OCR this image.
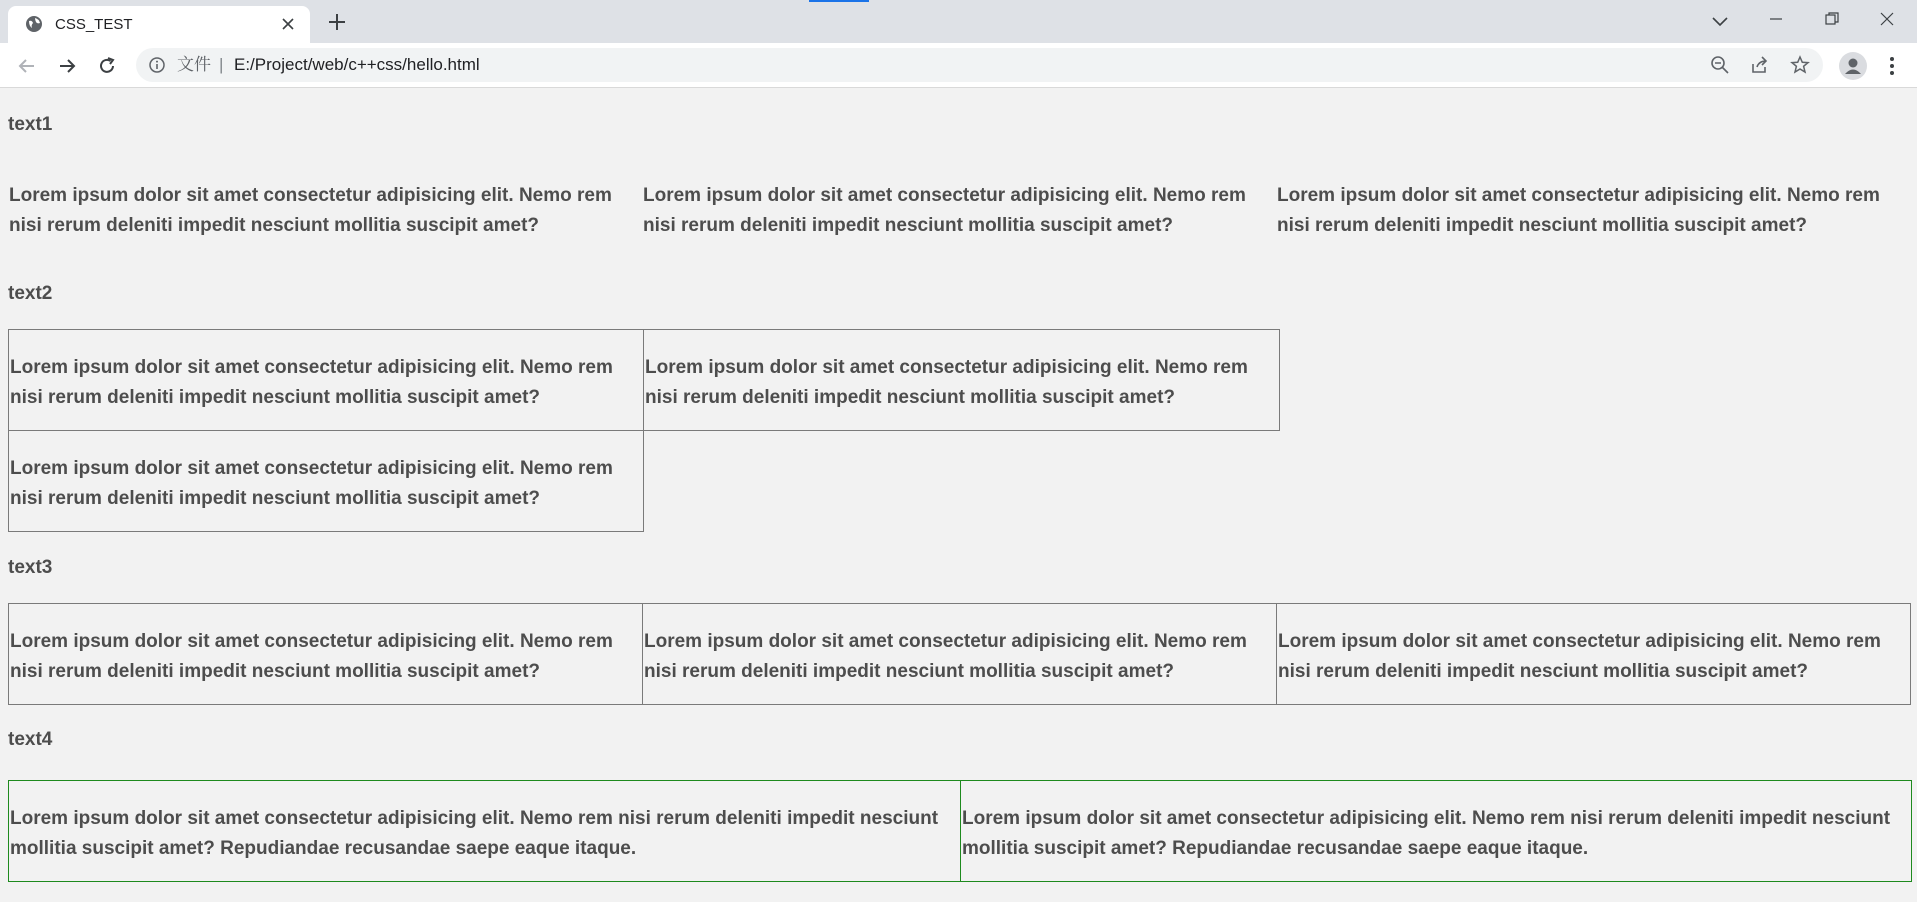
CSS_TEST
文件 | E:/Project/web/c++css/hello.html
text1

Lorem ipsum dolor sit amet consectetur adipisicing elit. Nemo rem nisi rerum deleniti impedit nesciunt mollitia suscipit amet?

Lorem ipsum dolor sit amet consectetur adipisicing elit. Nemo rem nisi rerum deleniti impedit nesciunt mollitia suscipit amet?

Lorem ipsum dolor sit amet consectetur adipisicing elit. Nemo rem nisi rerum deleniti impedit nesciunt mollitia suscipit amet?

text2

Lorem ipsum dolor sit amet consectetur adipisicing elit. Nemo rem nisi rerum deleniti impedit nesciunt mollitia suscipit amet?

Lorem ipsum dolor sit amet consectetur adipisicing elit. Nemo rem nisi rerum deleniti impedit nesciunt mollitia suscipit amet?

Lorem ipsum dolor sit amet consectetur adipisicing elit. Nemo rem nisi rerum deleniti impedit nesciunt mollitia suscipit amet?

text3

Lorem ipsum dolor sit amet consectetur adipisicing elit. Nemo rem nisi rerum deleniti impedit nesciunt mollitia suscipit amet?

Lorem ipsum dolor sit amet consectetur adipisicing elit. Nemo rem nisi rerum deleniti impedit nesciunt mollitia suscipit amet?

Lorem ipsum dolor sit amet consectetur adipisicing elit. Nemo rem nisi rerum deleniti impedit nesciunt mollitia suscipit amet?

text4

Lorem ipsum dolor sit amet consectetur adipisicing elit. Nemo rem nisi rerum deleniti impedit nesciunt mollitia suscipit amet? Repudiandae recusandae saepe eaque itaque.

Lorem ipsum dolor sit amet consectetur adipisicing elit. Nemo rem nisi rerum deleniti impedit nesciunt mollitia suscipit amet? Repudiandae recusandae saepe eaque itaque.
